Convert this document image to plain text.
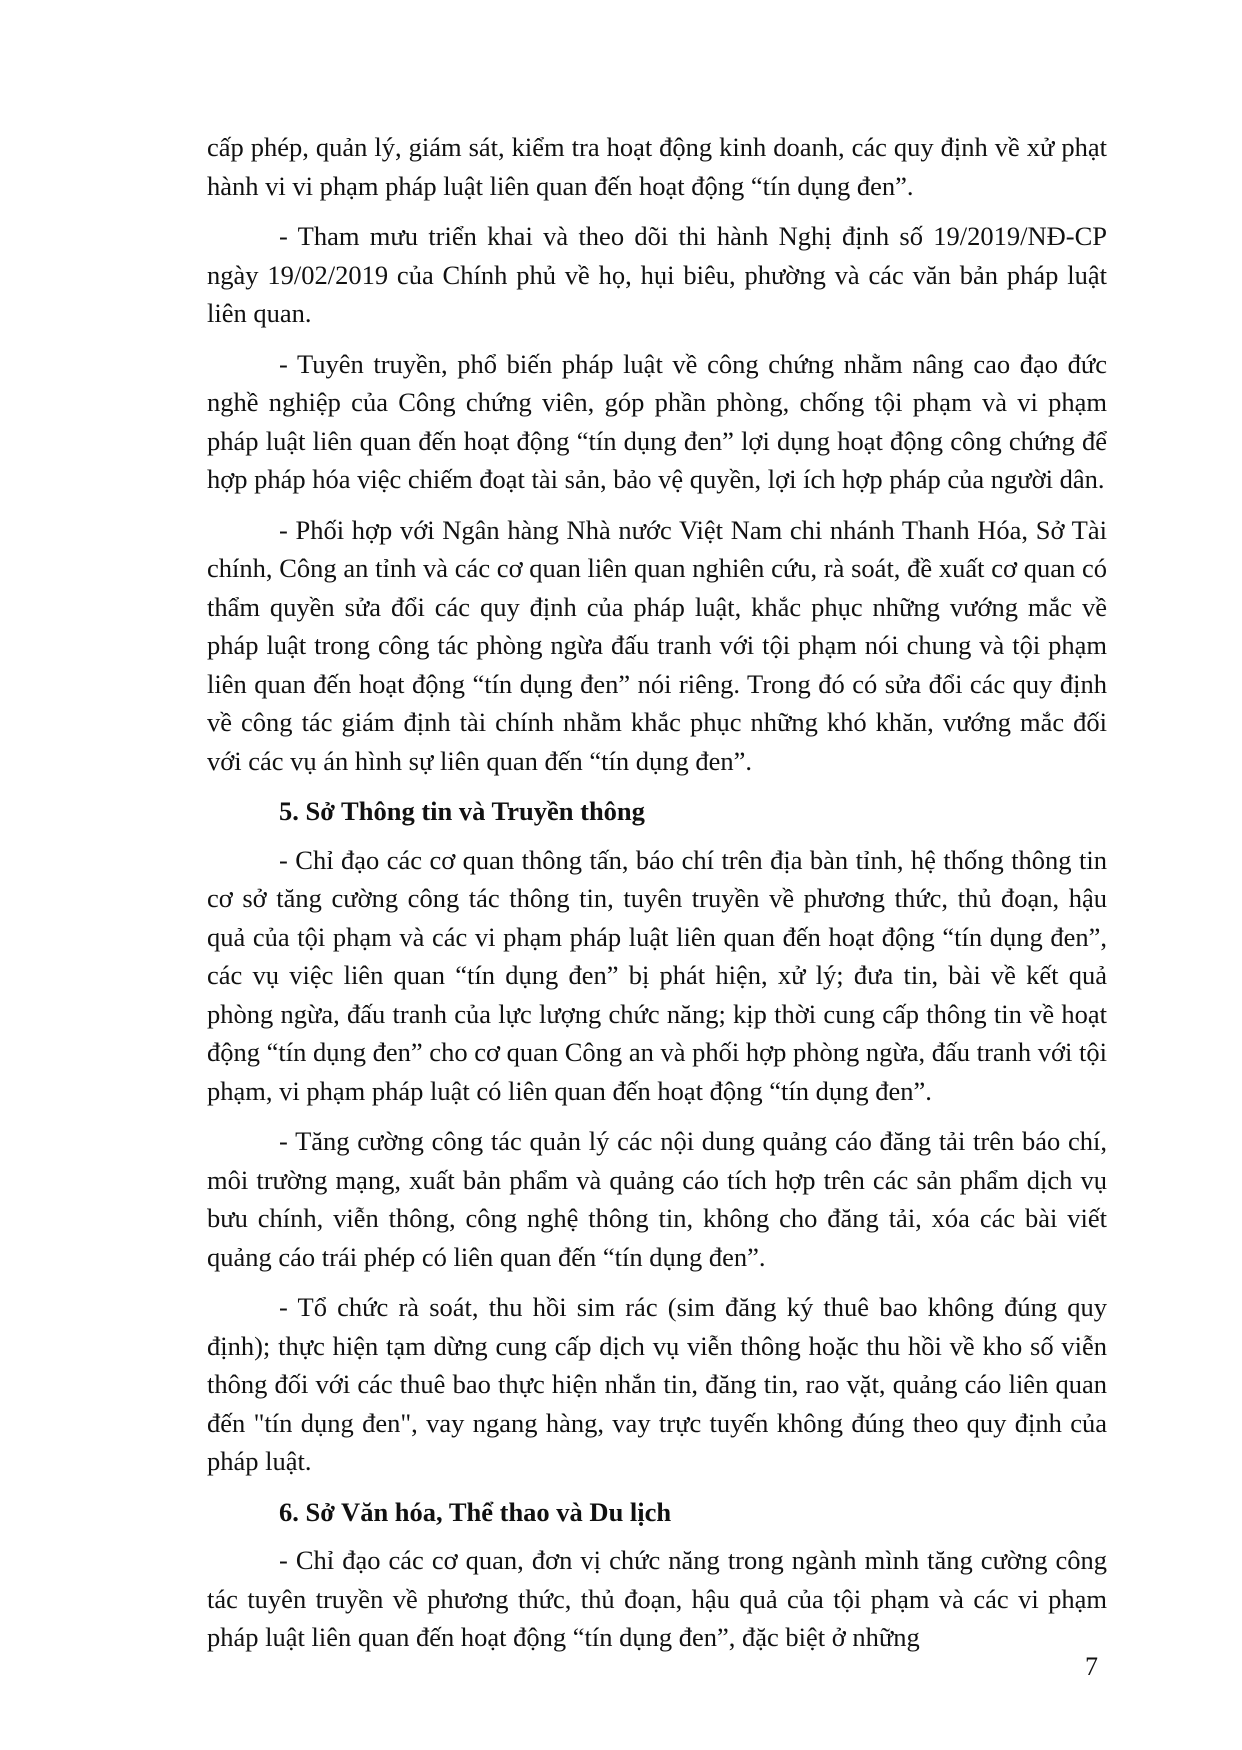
cấp phép, quản lý, giám sát, kiểm tra hoạt động kinh doanh, các quy định về xử phạt hành vi vi phạm pháp luật liên quan đến hoạt động “tín dụng đen”.

- Tham mưu triển khai và theo dõi thi hành Nghị định số 19/2019/NĐ-CP ngày 19/02/2019 của Chính phủ về họ, hụi biêu, phường và các văn bản pháp luật liên quan.

- Tuyên truyền, phổ biến pháp luật về công chứng nhằm nâng cao đạo đức nghề nghiệp của Công chứng viên, góp phần phòng, chống tội phạm và vi phạm pháp luật liên quan đến hoạt động “tín dụng đen” lợi dụng hoạt động công chứng để hợp pháp hóa việc chiếm đoạt tài sản, bảo vệ quyền, lợi ích hợp pháp của người dân.

- Phối hợp với Ngân hàng Nhà nước Việt Nam chi nhánh Thanh Hóa, Sở Tài chính, Công an tỉnh và các cơ quan liên quan nghiên cứu, rà soát, đề xuất cơ quan có thẩm quyền sửa đổi các quy định của pháp luật, khắc phục những vướng mắc về pháp luật trong công tác phòng ngừa đấu tranh với tội phạm nói chung và tội phạm liên quan đến hoạt động “tín dụng đen” nói riêng. Trong đó có sửa đổi các quy định về công tác giám định tài chính nhằm khắc phục những khó khăn, vướng mắc đối với các vụ án hình sự liên quan đến “tín dụng đen”.

5. Sở Thông tin và Truyền thông

- Chỉ đạo các cơ quan thông tấn, báo chí trên địa bàn tỉnh, hệ thống thông tin cơ sở tăng cường công tác thông tin, tuyên truyền về phương thức, thủ đoạn, hậu quả của tội phạm và các vi phạm pháp luật liên quan đến hoạt động “tín dụng đen”, các vụ việc liên quan “tín dụng đen” bị phát hiện, xử lý; đưa tin, bài về kết quả phòng ngừa, đấu tranh của lực lượng chức năng; kịp thời cung cấp thông tin về hoạt động “tín dụng đen” cho cơ quan Công an và phối hợp phòng ngừa, đấu tranh với tội phạm, vi phạm pháp luật có liên quan đến hoạt động “tín dụng đen”.

- Tăng cường công tác quản lý các nội dung quảng cáo đăng tải trên báo chí, môi trường mạng, xuất bản phẩm và quảng cáo tích hợp trên các sản phẩm dịch vụ bưu chính, viễn thông, công nghệ thông tin, không cho đăng tải, xóa các bài viết quảng cáo trái phép có liên quan đến “tín dụng đen”.

- Tổ chức rà soát, thu hồi sim rác (sim đăng ký thuê bao không đúng quy định); thực hiện tạm dừng cung cấp dịch vụ viễn thông hoặc thu hồi về kho số viễn thông đối với các thuê bao thực hiện nhắn tin, đăng tin, rao vặt, quảng cáo liên quan đến "tín dụng đen", vay ngang hàng, vay trực tuyến không đúng theo quy định của pháp luật.

6. Sở Văn hóa, Thể thao và Du lịch

- Chỉ đạo các cơ quan, đơn vị chức năng trong ngành mình tăng cường công tác tuyên truyền về phương thức, thủ đoạn, hậu quả của tội phạm và các vi phạm pháp luật liên quan đến hoạt động “tín dụng đen”, đặc biệt ở những

7
